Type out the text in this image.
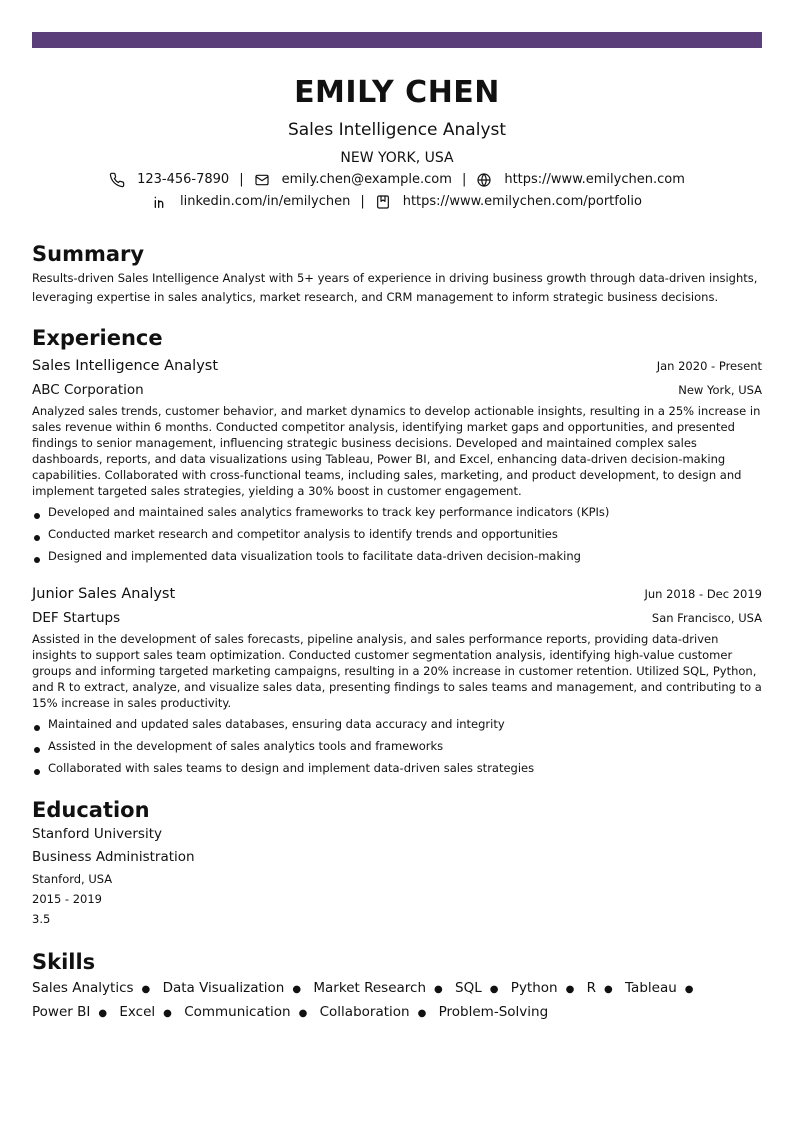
EMILY CHEN
Sales Intelligence Analyst
NEW YORK, USA
123-456-7890 |	emily.chen@example.com |	https://www.emilychen.com
linkedin.com/in/emilychen |	https://www.emilychen.com/portfolio
Summary
Results-driven Sales Intelligence Analyst with 5+ years of experience in driving business growth through data-driven insights, leveraging expertise in sales analytics, market research, and CRM management to inform strategic business decisions.
Experience
Sales Intelligence Analyst	Jan 2020 - Present
ABC Corporation	New York, USA
Analyzed sales trends, customer behavior, and market dynamics to develop actionable insights, resulting in a 25% increase in sales revenue within 6 months. Conducted competitor analysis, identifying market gaps and opportunities, and presented findings to senior management, influencing strategic business decisions. Developed and maintained complex sales dashboards, reports, and data visualizations using Tableau, Power BI, and Excel, enhancing data-driven decision-making capabilities. Collaborated with cross-functional teams, including sales, marketing, and product development, to design and implement targeted sales strategies, yielding a 30% boost in customer engagement.
Developed and maintained sales analytics frameworks to track key performance indicators (KPIs)
Conducted market research and competitor analysis to identify trends and opportunities
Designed and implemented data visualization tools to facilitate data-driven decision-making
Junior Sales Analyst	Jun 2018 - Dec 2019
DEF Startups	San Francisco, USA
Assisted in the development of sales forecasts, pipeline analysis, and sales performance reports, providing data-driven insights to support sales team optimization. Conducted customer segmentation analysis, identifying high-value customer groups and informing targeted marketing campaigns, resulting in a 20% increase in customer retention. Utilized SQL, Python, and R to extract, analyze, and visualize sales data, presenting findings to sales teams and management, and contributing to a 15% increase in sales productivity.
Maintained and updated sales databases, ensuring data accuracy and integrity
Assisted in the development of sales analytics tools and frameworks
Collaborated with sales teams to design and implement data-driven sales strategies
Education
Stanford University
Business Administration
Stanford, USA
2015 - 2019
3.5
Skills
Sales Analytics ● Data Visualization ● Market Research ● SQL ● Python ● R ● Tableau ● Power BI ● Excel ● Communication ● Collaboration ● Problem-Solving
